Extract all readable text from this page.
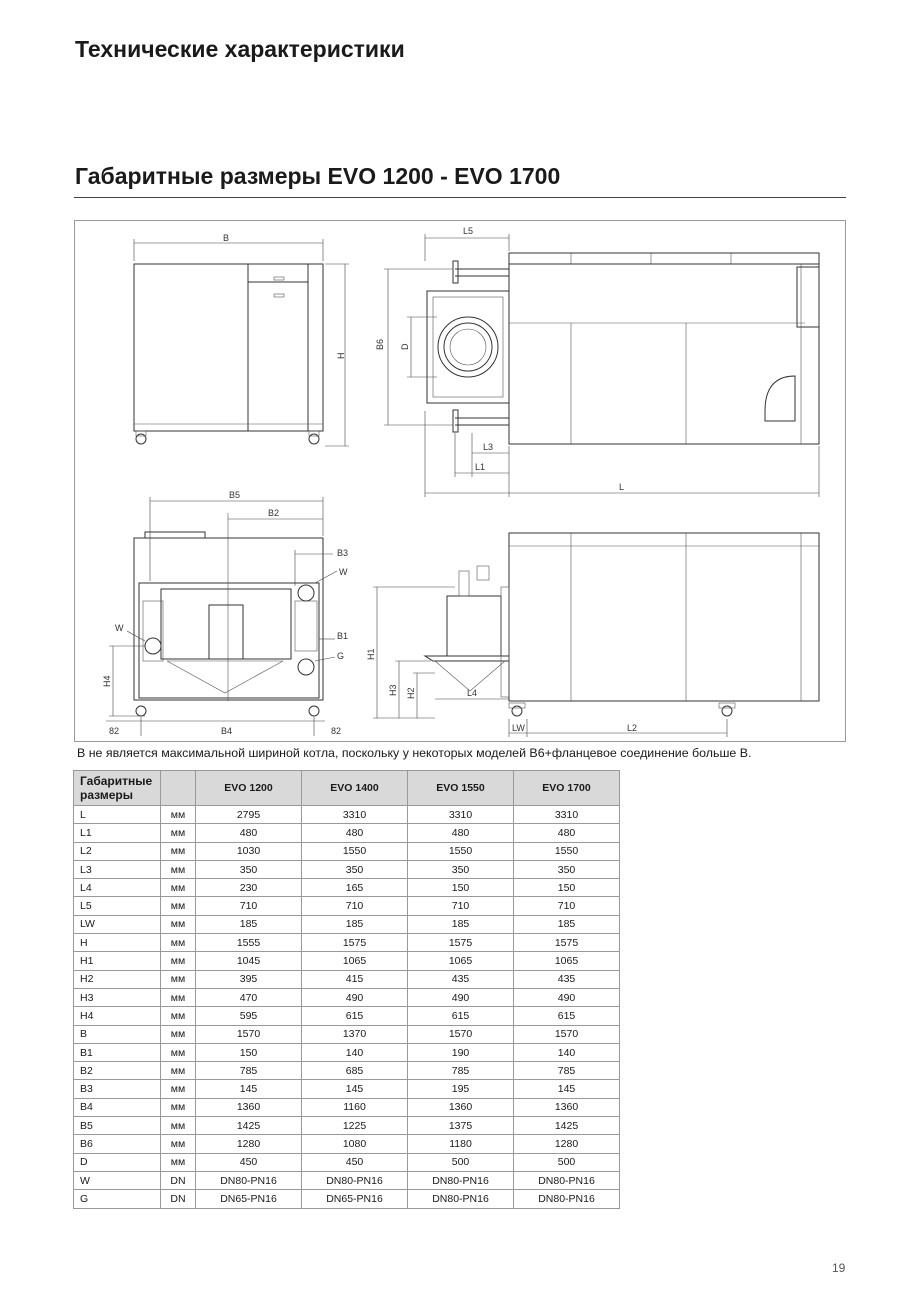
Технические характеристики
Габаритные размеры EVO 1200 - EVO 1700
B
H
L5
B6 D
L3
L1
L
B5
B2
B3
W
B1
G
W
H4
82	B4	82
H1
H3 H2	L4
LW	L2
B не является максимальной шириной котла, поскольку у некоторых моделей B6+фланцевое соединение больше B.
Габаритные размеры		EVO 1200	EVO 1400	EVO 1550	EVO 1700
L	мм	2795	3310	3310	3310
L1	мм	480	480	480	480
L2	мм	1030	1550	1550	1550
L3	мм	350	350	350	350
L4	мм	230	165	150	150
L5	мм	710	710	710	710
LW	мм	185	185	185	185
H	мм	1555	1575	1575	1575
H1	мм	1045	1065	1065	1065
H2	мм	395	415	435	435
H3	мм	470	490	490	490
H4	мм	595	615	615	615
B	мм	1570	1370	1570	1570
B1	мм	150	140	190	140
B2	мм	785	685	785	785
B3	мм	145	145	195	145
B4	мм	1360	1160	1360	1360
B5	мм	1425	1225	1375	1425
B6	мм	1280	1080	1180	1280
D	мм	450	450	500	500
W	DN	DN80-PN16	DN80-PN16	DN80-PN16	DN80-PN16
G	DN	DN65-PN16	DN65-PN16	DN80-PN16	DN80-PN16
19
